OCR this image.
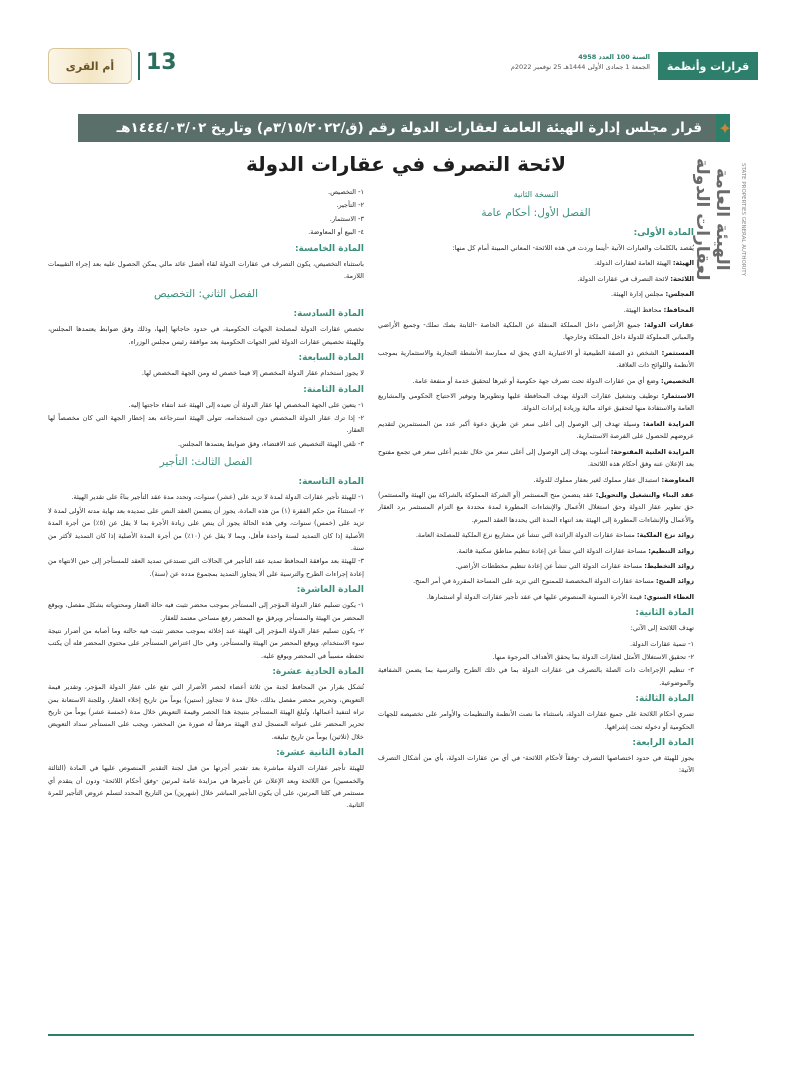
قرارات وأنظمة
السنة 100 العدد 4958
الجمعة 1 جمادى الأولى 1444هـ 25 نوفمبر 2022م
13
أم القرى
قرار مجلس إدارة الهيئة العامة لعقارات الدولة رقم (ق/٣/١٥/٢٠٢٢م) وتاريخ ١٤٤٤/٠٣/٠٢هـ	✦
الهيئة العامة لعقارات الدولة	STATE PROPERTIES GENERAL AUTHORITY
لائحة التصرف في عقارات الدولة
النسخة الثانية
الفصل الأول: أحكام عامة
المادة الأولى:
يُقصد بالكلمات والعبارات الآتية -أينما وردت في هذه اللائحة- المعاني المبينة أمام كل منها:
الهيئة: الهيئة العامة لعقارات الدولة.
اللائحة: لائحة التصرف في عقارات الدولة.
المجلس: مجلس إدارة الهيئة.
المحافظ: محافظ الهيئة.
عقارات الدولة: جميع الأراضي داخل المملكة المنقلة عن الملكية الخاصة -الثابتة بصك تملك- وجميع الأراضي والمباني المملوكة للدولة داخل المملكة وخارجها.
المستثمر: الشخص ذو الصفة الطبيعية أو الاعتبارية الذي يحق له ممارسة الأنشطة التجارية والاستثمارية بموجب الأنظمة واللوائح ذات العلاقة.
التخصيص: وضع أي من عقارات الدولة تحت تصرف جهة حكومية أو غيرها لتحقيق خدمة أو منفعة عامة.
الاستثمار: توظيف وتشغيل عقارات الدولة بهدف المحافظة عليها وتطويرها وتوفير الاحتياج الحكومي والمشاريع العامة والاستفادة منها لتحقيق عوائد مالية وزيادة إيرادات الدولة.
المزايدة العامة: وسيلة تهدف إلى الوصول إلى أعلى سعر عن طريق دعوة أكبر عدد من المستثمرين لتقديم عروضهم للحصول على الفرصة الاستثمارية.
المزايدة العلنية المفتوحة: أسلوب يهدف إلى الوصول إلى أعلى سعر من خلال تقديم أعلى سعر في تجمع مفتوح بعد الإعلان عنه وفق أحكام هذه اللائحة.
المعاوضة: استبدال عقار مملوك لغير بعقار مملوك للدولة.
عقد البناء والتشغيل والتحويل: عقد يتضمن منح المستثمر (أو الشركة المملوكة بالشراكة بين الهيئة والمستثمر) حق تطوير عقار الدولة وحق استغلال الأعمال والإنشاءات المطورة لمدة محددة مع التزام المستثمر برد العقار والأعمال والإنشاءات المطورة إلى الهيئة بعد انتهاء المدة التي يحددها العقد المبرم.
زوائد نزع الملكية: مساحة عقارات الدولة الزائدة التي تنشأ عن مشاريع نزع الملكية للمصلحة العامة.
زوائد التنظيم: مساحة عقارات الدولة التي تنشأ عن إعادة تنظيم مناطق سكنية قائمة.
زوائد التخطيط: مساحة عقارات الدولة التي تنشأ عن إعادة تنظيم مخططات الأراضي.
زوائد المنح: مساحة عقارات الدولة المخصصة للممنوح التي تزيد على المساحة المقررة في أمر المنح.
العطاء السنوي: قيمة الأجرة السنوية المنصوص عليها في عقد تأجير عقارات الدولة أو استثمارها.
المادة الثانية:
تهدف اللائحة إلى الآتي:
١- تنمية عقارات الدولة.
٢- تحقيق الاستغلال الأمثل لعقارات الدولة بما يحقق الأهداف المرجوة منها.
٣- تنظيم الإجراءات ذات الصلة بالتصرف في عقارات الدولة بما في ذلك الطرح والترسية بما يضمن الشفافية والموضوعية.
المادة الثالثة:
تسري أحكام اللائحة على جميع عقارات الدولة، باستثناء ما نصت الأنظمة والتنظيمات والأوامر على تخصيصه للجهات الحكومية أو دخوله تحت إشرافها.
المادة الرابعة:
يجوز للهيئة في حدود اختصاصها التصرف -وفقاً لأحكام اللائحة- في أي من عقارات الدولة، بأي من أشكال التصرف الآتية:
١- التخصيص.
٢- التأجير.
٣- الاستثمار.
٤- البيع أو المعاوضة.
المادة الخامسة:
باستثناء التخصيص، يكون التصرف في عقارات الدولة لقاء أفضل عائد مالي يمكن الحصول عليه بعد إجراء التقييمات اللازمة.
الفصل الثاني: التخصيص
المادة السادسة:
تخصص عقارات الدولة لمصلحة الجهات الحكومية، في حدود حاجاتها إليها، وذلك وفق ضوابط يعتمدها المجلس، وللهيئة تخصيص عقارات الدولة لغير الجهات الحكومية بعد موافقة رئيس مجلس الوزراء.
المادة السابعة:
لا يجوز استخدام عقار الدولة المخصص إلا فيما خصص له ومن الجهة المخصص لها.
المادة الثامنة:
١- يتعين على الجهة المخصص لها عقار الدولة أن تعيده إلى الهيئة عند انتفاء حاجتها إليه.
٢- إذا ترك عقار الدولة المخصص دون استخدامه، تتولى الهيئة استرجاعه بعد إخطار الجهة التي كان مخصصاً لها العقار.
٣- تلغي الهيئة التخصيص عند الاقتضاء، وفق ضوابط يعتمدها المجلس.
الفصل الثالث: التأجير
المادة التاسعة:
١- للهيئة تأجير عقارات الدولة لمدة لا تزيد على (عشر) سنوات، وتحدد مدة عقد التأجير بناءً على تقدير الهيئة.
٢- استثناءً من حكم الفقرة (١) من هذه المادة، يجوز أن يتضمن العقد النص على تمديده بعد نهاية مدته الأولى لمدة لا تزيد على (خمس) سنوات، وفي هذه الحالة يجوز أن ينص على زيادة الأجرة بما لا يقل عن (٥٪) من أجرة المدة الأصلية إذا كان التمديد لسنة واحدة فأقل، وبما لا يقل عن (١٠٪) من أجرة المدة الأصلية إذا كان التمديد لأكثر من سنة.
٣- للهيئة بعد موافقة المحافظ تمديد عقد التأجير في الحالات التي تستدعي تمديد العقد للمستأجر إلى حين الانتهاء من إعادة إجراءات الطرح والترسية على ألا يتجاوز التمديد بمجموع مدده عن (سنة).
المادة العاشرة:
١- يكون تسليم عقار الدولة المؤجر إلى المستأجر بموجب محضر تثبت فيه حالة العقار ومحتوياته بشكل مفصل، ويوقع المحضر من الهيئة والمستأجر ويرفق مع المحضر رفع مساحي معتمد للعقار.
٢- يكون تسليم عقار الدولة المؤجر إلى الهيئة عند إخلائه بموجب محضر تثبت فيه حالته وما أصابه من أضرار نتيجة سوء الاستخدام، ويوقع المحضر من الهيئة والمستأجر، وفي حال اعتراض المستأجر على محتوى المحضر فله أن يكتب تحفظه مسبباً في المحضر ويوقع عليه.
المادة الحادية عشرة:
تُشكل بقرار من المحافظ لجنة من ثلاثة أعضاء لحصر الأضرار التي تقع على عقار الدولة المؤجر، وتقدير قيمة التعويض، وتحرير محضر مفصل بذلك، خلال مدة لا تتجاوز (ستين) يوماً من تاريخ إخلاء العقار، وللجنة الاستعانة بمن تراه لتنفيذ أعمالها، وتُبلغ الهيئة المستأجر بنتيجة هذا الحصر وقيمة التعويض خلال مدة (خمسة عشر) يوماً من تاريخ تحرير المحضر على عنوانه المسجل لدى الهيئة مرفقاً له صورة من المحضر، ويجب على المستأجر سداد التعويض خلال (ثلاثين) يوماً من تاريخ تبليغه.
المادة الثانية عشرة:
للهيئة تأجير عقارات الدولة مباشرة بعد تقدير أجرتها من قبل لجنة التقدير المنصوص عليها في المادة (الثالثة والخمسين) من اللائحة وبعد الإعلان عن تأجيرها في مزايدة عامة لمرتين -وفق أحكام اللائحة- ودون أن يتقدم أي مستثمر في كلتا المرتين، على أن يكون التأجير المباشر خلال (شهرين) من التاريخ المحدد لتسلم عروض التأجير للمرة الثانية.
